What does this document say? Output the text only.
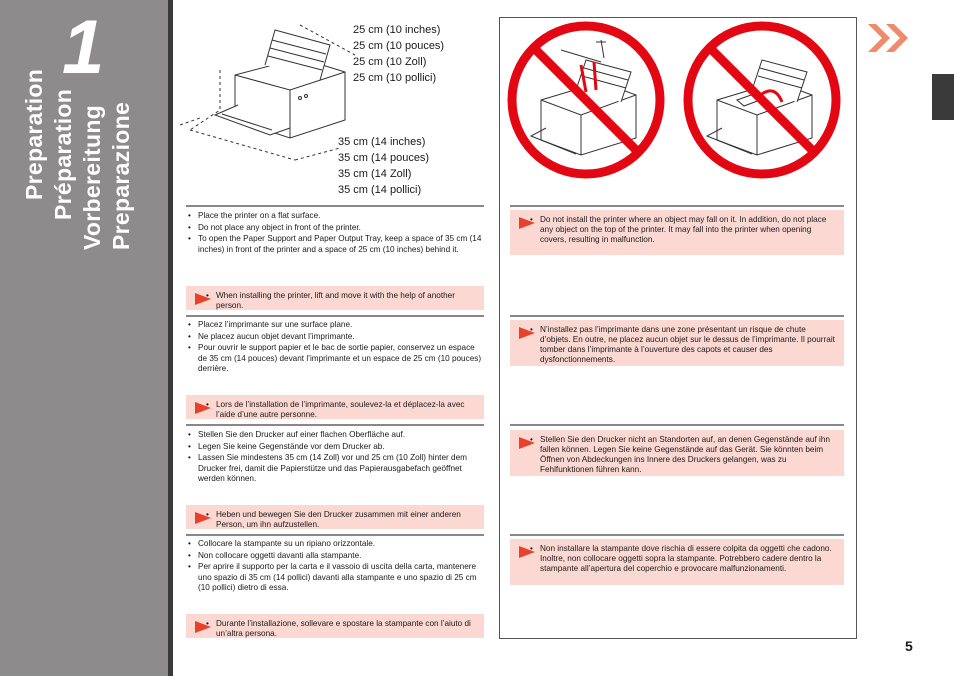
1
Preparation Préparation Vorbereitung Preparazione
25 cm (10 inches)
25 cm (10 pouces)
25 cm (10 Zoll)
25 cm (10 pollici)
35 cm (14 inches)
35 cm (14 pouces)
35 cm (14 Zoll)
35 cm (14 pollici)
• Place the printer on a flat surface.
• Do not place any object in front of the printer.
• To open the Paper Support and Paper Output Tray, keep a space of 35 cm (14 inches) in front of the printer and a space of 25 cm (10 inches) behind it.
• When installing the printer, lift and move it with the help of another person.
• Placez l’imprimante sur une surface plane.
• Ne placez aucun objet devant l’imprimante.
• Pour ouvrir le support papier et le bac de sortie papier, conservez un espace de 35 cm (14 pouces) devant l’imprimante et un espace de 25 cm (10 pouces) derrière.
• Lors de l’installation de l’imprimante, soulevez-la et déplacez-la avec l’aide d’une autre personne.
• Stellen Sie den Drucker auf einer flachen Oberfläche auf.
• Legen Sie keine Gegenstände vor dem Drucker ab.
• Lassen Sie mindestens 35 cm (14 Zoll) vor und 25 cm (10 Zoll) hinter dem Drucker frei, damit die Papierstütze und das Papierausgabefach geöffnet werden können.
• Heben und bewegen Sie den Drucker zusammen mit einer anderen Person, um ihn aufzustellen.
• Collocare la stampante su un ripiano orizzontale.
• Non collocare oggetti davanti alla stampante.
• Per aprire il supporto per la carta e il vassoio di uscita della carta, mantenere uno spazio di 35 cm (14 pollici) davanti alla stampante e uno spazio di 25 cm (10 pollici) dietro di essa.
• Durante l’installazione, sollevare e spostare la stampante con l’aiuto di un’altra persona.
• Do not install the printer where an object may fall on it. In addition, do not place any object on the top of the printer. It may fall into the printer when opening covers, resulting in malfunction.
• N’installez pas l’imprimante dans une zone présentant un risque de chute d’objets. En outre, ne placez aucun objet sur le dessus de l’imprimante. Il pourrait tomber dans l’imprimante à l’ouverture des capots et causer des dysfonctionnements.
• Stellen Sie den Drucker nicht an Standorten auf, an denen Gegenstände auf ihn fallen können. Legen Sie keine Gegenstände auf das Gerät. Sie könnten beim Öffnen von Abdeckungen ins Innere des Druckers gelangen, was zu Fehlfunktionen führen kann.
• Non installare la stampante dove rischia di essere colpita da oggetti che cadono. Inoltre, non collocare oggetti sopra la stampante. Potrebbero cadere dentro la stampante all’apertura del coperchio e provocare malfunzionamenti.
5
